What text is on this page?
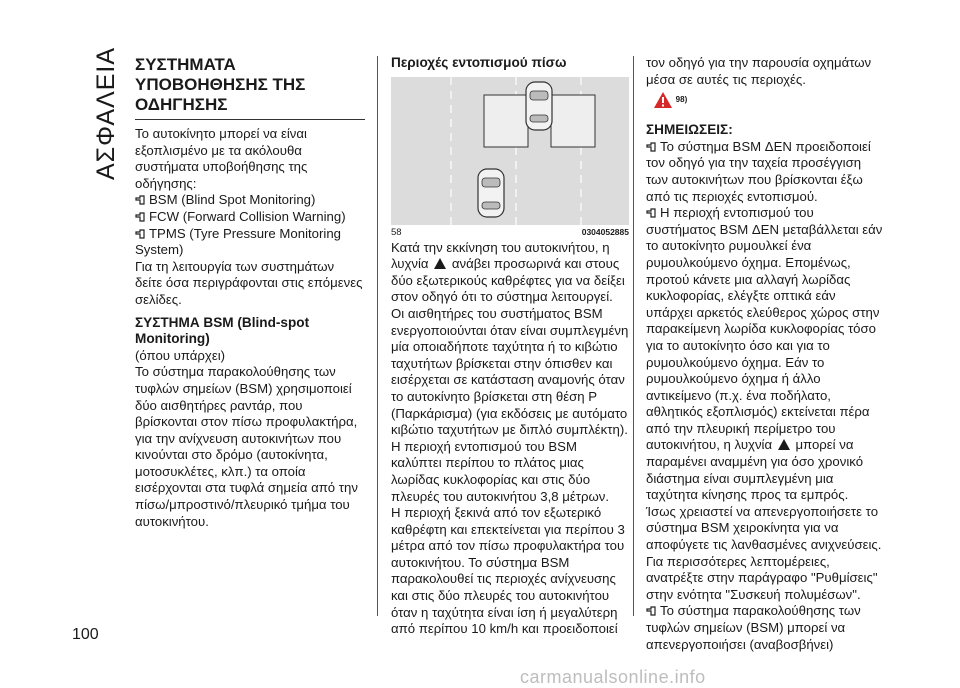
ΑΣΦΑΛΕΙΑ ΣΥΣΤΗΜΑΤΑ ΥΠΟΒΟΗΘΗΣΗΣ ΤΗΣ ΟΔΗΓΗΣΗΣ

Το αυτοκίνητο μπορεί να είναι εξοπλισμένο με τα ακόλουθα συστήματα υποβοήθησης της οδήγησης:

BSM (Blind Spot Monitoring)

FCW (Forward Collision Warning)

TPMS (Tyre Pressure Monitoring System)

Για τη λειτουργία των συστημάτων δείτε όσα περιγράφονται στις επόμενες σελίδες.

ΣΥΣΤΗΜΑ BSM (Blind-spot Monitoring)

(όπου υπάρχει)

Το σύστημα παρακολούθησης των τυφλών σημείων (BSM) χρησιμοποιεί δύο αισθητήρες ραντάρ, που βρίσκονται στον πίσω προφυλακτήρα, για την ανίχνευση αυτοκινήτων που κινούνται στο δρόμο (αυτοκίνητα, μοτοσυκλέτες, κλπ.) τα οποία εισέρχονται στα τυφλά σημεία από την πίσω/μπροστινό/πλευρικό τμήμα του αυτοκινήτου.

Περιοχές εντοπισμού πίσω

58	0304052885

Κατά την εκκίνηση του αυτοκινήτου, η λυχνία ανάβει προσωρινά και στους δύο εξωτερικούς καθρέφτες για να δείξει στον οδηγό ότι το σύστημα λειτουργεί.

Οι αισθητήρες του συστήματος BSM ενεργοποιούνται όταν είναι συμπλεγμένη μία οποιαδήποτε ταχύτητα ή το κιβώτιο ταχυτήτων βρίσκεται στην όπισθεν και εισέρχεται σε κατάσταση αναμονής όταν το αυτοκίνητο βρίσκεται στη θέση P (Παρκάρισμα) (για εκδόσεις με αυτόματο κιβώτιο ταχυτήτων με διπλό συμπλέκτη).

Η περιοχή εντοπισμού του BSM καλύπτει περίπου το πλάτος μιας λωρίδας κυκλοφορίας και στις δύο πλευρές του αυτοκινήτου 3,8 μέτρων.

Η περιοχή ξεκινά από τον εξωτερικό καθρέφτη και επεκτείνεται για περίπου 3 μέτρα από τον πίσω προφυλακτήρα του αυτοκινήτου. Το σύστημα BSM παρακολουθεί τις περιοχές ανίχνευσης και στις δύο πλευρές του αυτοκινήτου όταν η ταχύτητα είναι ίση ή μεγαλύτερη από περίπου 10 km/h και προειδοποιεί

τον οδηγό για την παρουσία οχημάτων μέσα σε αυτές τις περιοχές.

$^{98)}$

ΣΗΜΕΙΩΣΕΙΣ:

Το σύστημα BSM ΔΕΝ προειδοποιεί τον οδηγό για την ταχεία προσέγγιση των αυτοκινήτων που βρίσκονται έξω από τις περιοχές εντοπισμού.

Η περιοχή εντοπισμού του συστήματος BSM ΔΕΝ μεταβάλλεται εάν το αυτοκίνητο ρυμουλκεί ένα ρυμουλκούμενο όχημα. Επομένως, προτού κάνετε μια αλλαγή λωρίδας κυκλοφορίας, ελέγξτε οπτικά εάν υπάρχει αρκετός ελεύθερος χώρος στην παρακείμενη λωρίδα κυκλοφορίας τόσο για το αυτοκίνητο όσο και για το ρυμουλκούμενο όχημα. Εάν το ρυμουλκούμενο όχημα ή άλλο αντικείμενο (π.χ. ένα ποδήλατο, αθλητικός εξοπλισμός) εκτείνεται πέρα από την πλευρική περίμετρο του αυτοκινήτου, η λυχνία μπορεί να παραμένει αναμμένη για όσο χρονικό διάστημα είναι συμπλεγμένη μια ταχύτητα κίνησης προς τα εμπρός.

Ίσως χρειαστεί να απενεργοποιήσετε το σύστημα BSM χειροκίνητα για να αποφύγετε τις λανθασμένες ανιχνεύσεις.

Για περισσότερες λεπτομέρειες, ανατρέξτε στην παράγραφο "Ρυθμίσεις" στην ενότητα "Συσκευή πολυμέσων".

Το σύστημα παρακολούθησης των τυφλών σημείων (BSM) μπορεί να απενεργοποιήσει (αναβοσβήνει)

100
carmanualsonline.info
